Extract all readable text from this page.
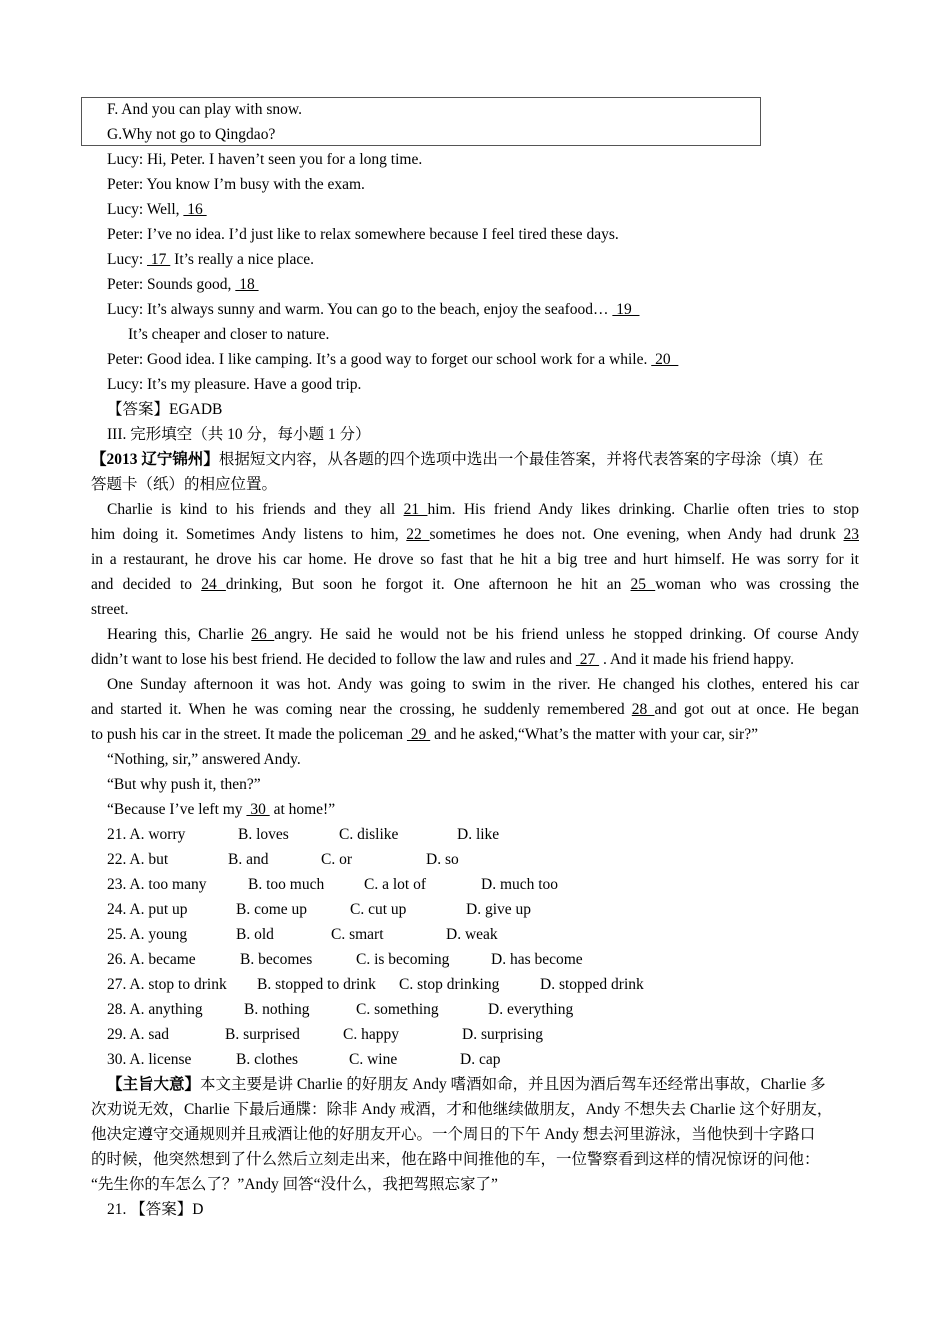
F. And you can play with snow.
G.Why not go to Qingdao?
Lucy: Hi, Peter. I haven’t seen you for a long time.
Peter: You know I’m busy with the exam.
Lucy: Well,  16
Peter: I’ve no idea. I’d just like to relax somewhere because I feel tired these days.
Lucy:  17  It’s really a nice place.
Peter: Sounds good,  18
Lucy: It’s always sunny and warm. You can go to the beach, enjoy the seafood…  19
It’s cheaper and closer to nature.
Peter: Good idea. I like camping. It’s a good way to forget our school work for a while.  20
Lucy: It’s my pleasure. Have a good trip.
【答案】EGADB
III. 完形填空（共 10 分，每小题 1 分）
【2013 辽宁锦州】根据短文内容，从各题的四个选项中选出一个最佳答案，并将代表答案的字母涂（填）在
答题卡（纸）的相应位置。
Charlie is kind to his friends and they all 21 him. His friend Andy likes drinking. Charlie often tries to stop
him doing it. Sometimes Andy listens to him, 22 sometimes he does not. One evening, when Andy had drunk 23
in a restaurant, he drove his car home. He drove so fast that he hit a big tree and hurt himself. He was sorry for it
and decided to 24 drinking, But soon he forgot it. One afternoon he hit an 25 woman who was crossing the
street.
Hearing this, Charlie 26 angry. He said he would not be his friend unless he stopped drinking. Of course Andy
didn’t want to lose his best friend. He decided to follow the law and rules and  27  . And it made his friend happy.
One Sunday afternoon it was hot. Andy was going to swim in the river. He changed his clothes, entered his car
and started it. When he was coming near the crossing, he suddenly remembered 28 and got out at once. He began
to push his car in the street. It made the policeman  29  and he asked,“What’s the matter with your car, sir?”
“Nothing, sir,” answered Andy.
“But why push it, then?”
“Because I’ve left my  30  at home!”
21. A. worry	B. loves	C. dislike	D. like
22. A. but	B. and	C. or	D. so
23. A. too many	B. too much	C. a lot of	D. much too
24. A. put up	B. come up	C. cut up	D. give up
25. A. young	B. old	C. smart	D. weak
26. A. became	B. becomes	C. is becoming	D. has become
27. A. stop to drink B. stopped to drink C. stop drinking	D. stopped drink
28. A. anything	B. nothing	C. something	D. everything
29. A. sad	B. surprised	C. happy	D. surprising
30. A. license	B. clothes	C. wine	D. cap
【主旨大意】本文主要是讲 Charlie 的好朋友 Andy 嗜酒如命，并且因为酒后驾车还经常出事故，Charlie 多
次劝说无效，Charlie 下最后通牒：除非 Andy 戒酒，才和他继续做朋友，Andy 不想失去 Charlie 这个好朋友，
他决定遵守交通规则并且戒酒让他的好朋友开心。一个周日的下午 Andy 想去河里游泳，当他快到十字路口
的时候，他突然想到了什么然后立刻走出来，他在路中间推他的车，一位警察看到这样的情况惊讶的问他：
“先生你的车怎么了？”Andy 回答“没什么，我把驾照忘家了”
21. 【答案】D
